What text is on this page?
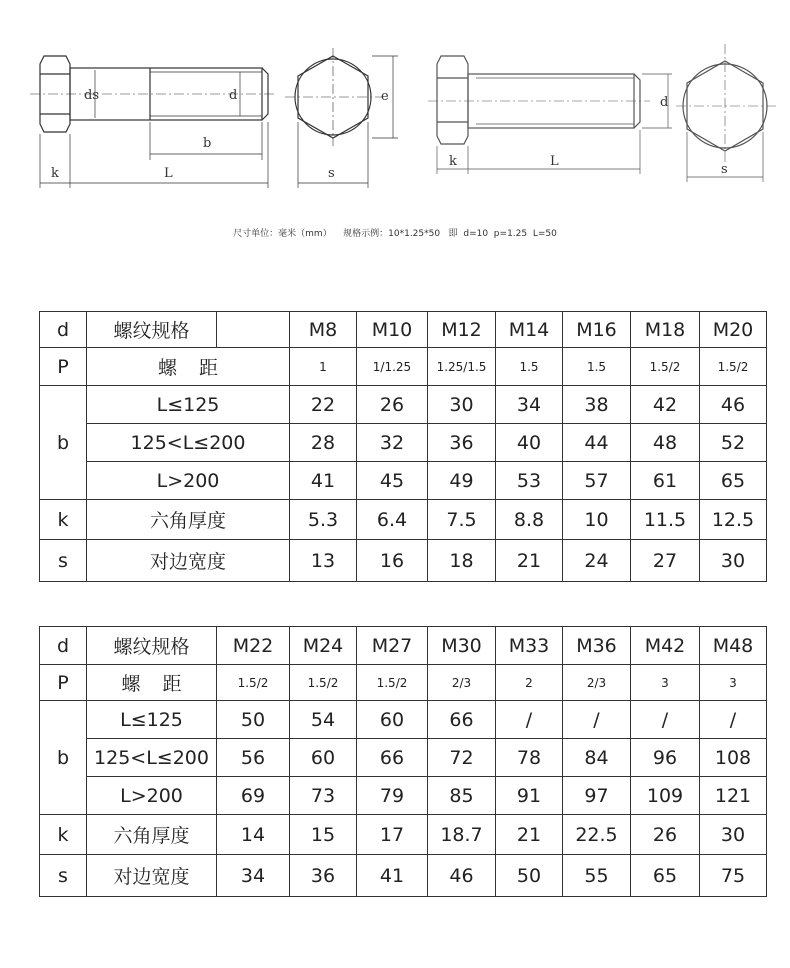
ds	d
b
k	L
e
s
d
k	L
s
尺寸单位：毫米（mm）    规格示例：10*1.25*50   即  d=10  p=1.25  L=50
d	螺纹规格		M8	M10	M12	M14	M16	M18	M20
P	螺距		1	1/1.25	1.25/1.5	1.5	1.5	1.5/2	1.5/2
b	L≤125		22	26	30	34	38	42	46
	125<L≤200		28	32	36	40	44	48	52
	L>200		41	45	49	53	57	61	65
k	六角厚度		5.3	6.4	7.5	8.8	10	11.5	12.5
s	对边宽度		13	16	18	21	24	27	30
d	螺纹规格	M22	M24	M27	M30	M33	M36	M42	M48
P	螺距	1.5/2	1.5/2	1.5/2	2/3	2	2/3	3	3
b	L≤125	50	54	60	66	/	/	/	/
	125<L≤200	56	60	66	72	78	84	96	108
	L>200	69	73	79	85	91	97	109	121
k	六角厚度	14	15	17	18.7	21	22.5	26	30
s	对边宽度	34	36	41	46	50	55	65	75
